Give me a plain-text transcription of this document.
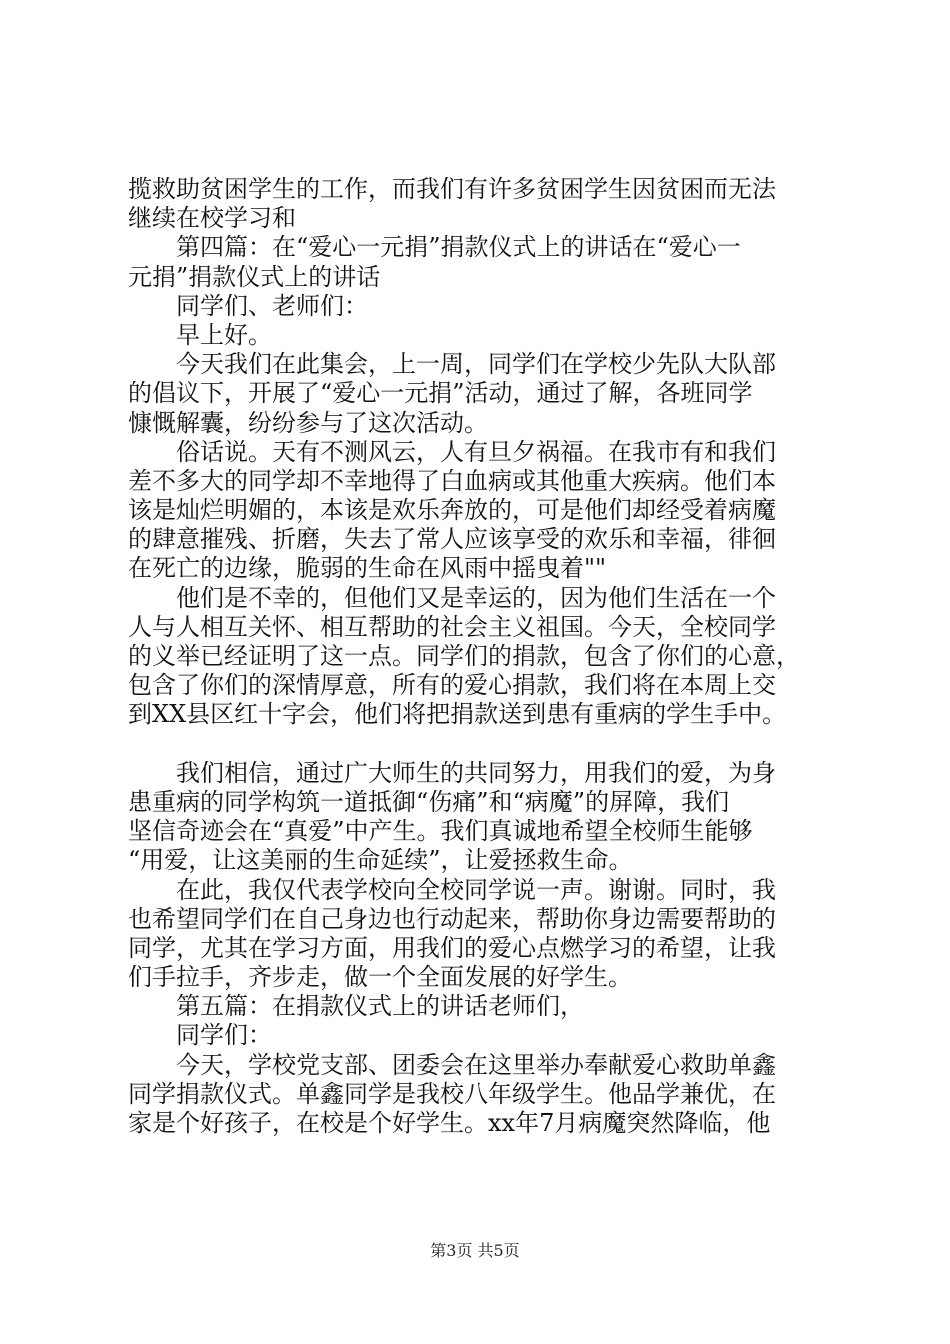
揽救助贫困学生的工作，而我们有许多贫困学生因贫困而无法
继续在校学习和
第四篇：在“爱心一元捐”捐款仪式上的讲话在“爱心一
元捐”捐款仪式上的讲话
同学们、老师们：
早上好。
今天我们在此集会，上一周，同学们在学校少先队大队部
的倡议下，开展了“爱心一元捐”活动，通过了解，各班同学
慷慨解囊，纷纷参与了这次活动。
俗话说。天有不测风云，人有旦夕祸福。在我市有和我们
差不多大的同学却不幸地得了白血病或其他重大疾病。他们本
该是灿烂明媚的，本该是欢乐奔放的，可是他们却经受着病魔
的肆意摧残、折磨，失去了常人应该享受的欢乐和幸福，徘徊
在死亡的边缘，脆弱的生命在风雨中摇曳着""
他们是不幸的，但他们又是幸运的，因为他们生活在一个
人与人相互关怀、相互帮助的社会主义祖国。今天，全校同学
的义举已经证明了这一点。同学们的捐款，包含了你们的心意，
包含了你们的深情厚意，所有的爱心捐款，我们将在本周上交
到XX县区红十字会，他们将把捐款送到患有重病的学生手中。
我们相信，通过广大师生的共同努力，用我们的爱，为身
患重病的同学构筑一道抵御“伤痛”和“病魔”的屏障，我们
坚信奇迹会在“真爱”中产生。我们真诚地希望全校师生能够
“用爱，让这美丽的生命延续”，让爱拯救生命。
在此，我仅代表学校向全校同学说一声。谢谢。同时，我
也希望同学们在自己身边也行动起来，帮助你身边需要帮助的
同学，尤其在学习方面，用我们的爱心点燃学习的希望，让我
们手拉手，齐步走，做一个全面发展的好学生。
第五篇：在捐款仪式上的讲话老师们，
同学们：
今天，学校党支部、团委会在这里举办奉献爱心救助单鑫
同学捐款仪式。单鑫同学是我校八年级学生。他品学兼优，在
家是个好孩子，在校是个好学生。xx年7月病魔突然降临，他
第3页 共5页
